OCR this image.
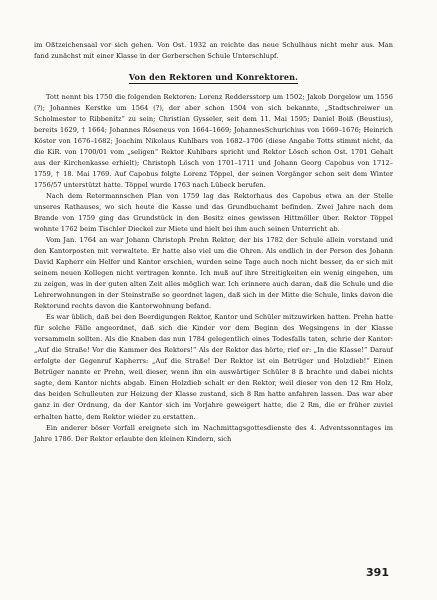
im Oßtzeichensaal vor sich gehen. Von Ost. 1932 an reichte das neue Schulhaus nicht mehr aus. Man fand zunächst mit einer Klasse in der Gerberschen Schule Unterschlupf.

Von den Rektoren und Konrektoren.

Tott nennt bis 1750 die folgenden Rektoren: Lorenz Reddersstorp um 1502; Jakob Dorgelow um 1556 (?); Johannes Kerstke um 1564 (?), der aber schon 1504 von sich bekannte, „Stadtschreiwer un Scholmester to Ribbenitz“ zu sein; Christian Gysseler, seit dem 11. Mai 1595; Daniel Boiß (Beustius), bereits 1629, † 1664; Johannes Röseneus von 1664–1669; JohannesSchurichius von 1669–1676; Heinrich Köster von 1676–1682; Joachim Nikolaus Kuhlbars von 1682–1706 (diese Angabe Totts stimmt nicht, da die KiR. von 1700/01 vom „seligen“ Rektor Kuhlbars spricht und Rektor Lösch schon Ost. 1701 Gehalt aus der Kirchenkasse erhielt); Christoph Lösch von 1701–1711 und Johann Georg Capobus von 1712–1759, † 18. Mai 1769. Auf Capobus folgte Lorenz Töppel, der seinen Vorgänger schon seit dem Winter 1756/57 unterstützt hatte. Töppel wurde 1763 nach Lübeck berufen.

Nach dem Retermannschen Plan von 1759 lag das Rektorhaus des Capobus etwa an der Stelle unseres Rathauses, wo sich heute die Kasse und das Grundbuchamt befinden. Zwei Jahre nach dem Brande von 1759 ging das Grundstück in den Besitz eines gewissen Hittmöller über. Rektor Töppel wohnte 1762 beim Tischler Dieckel zur Miete und hielt bei ihm auch seinen Unterricht ab.

Vom Jan. 1764 an war Johann Christoph Prehn Rektor, der bis 1782 der Schule allein vorstand und den Kantorposten mit verwaltete. Er hatte also viel um die Ohren. Als endlich in der Person des Johann David Kapherr ein Helfer und Kantor erschien, wurden seine Tage auch noch nicht besser, da er sich mit seinem neuen Kollegen nicht vertragen konnte. Ich muß auf ihre Streitigkeiten ein wenig eingehen, um zu zeigen, was in der guten alten Zeit alles möglich war. Ich erinnere auch daran, daß die Schule und die Lehrerwohnungen in der Steinstraße so geordnet lagen, daß sich in der Mitte die Schule, links davon die Rektorund rechts davon die Kantorwohnung befand.

Es war üblich, daß bei den Beerdigungen Rektor, Kantor und Schüler mitzuwirken hatten. Prehn hatte für solche Fälle angeordnet, daß sich die Kinder vor dem Beginn des Wegsingens in der Klasse versammeln sollten. Als die Knaben das nun 1784 gelegentlich eines Todesfalls taten, schrie der Kantor: „Auf die Straße! Vor die Kammer des Rektors!“ Als der Rektor das hörte, rief er: „In die Klasse!“ Darauf erfolgte der Gegenruf Kapherrs: „Auf die Straße! Der Rektor ist ein Betrüger und Holzdieb!“ Einen Betrüger nannte er Prehn, weil dieser, wenn ihn ein auswärtiger Schüler 8 ß brachte und dabei nichts sagte, dem Kantor nichts abgab. Einen Holzdieb schalt er den Rektor, weil dieser von den 12 Rm Holz, das beiden Schulleuten zur Heizung der Klasse zustand, sich 8 Rm hatte anfahren lassen. Das war aber ganz in der Ordnung, da der Kantor sich im Vorjahre geweigert hatte, die 2 Rm, die er früher zuviel erhalten hatte, dem Rektor wieder zu erstatten.

Ein anderer böser Vorfall ereignete sich im Nachmittagsgottesdienste des 4. Adventssonntages im Jahre 1786. Der Rektor erlaubte den kleinen Kindern, sich

391
